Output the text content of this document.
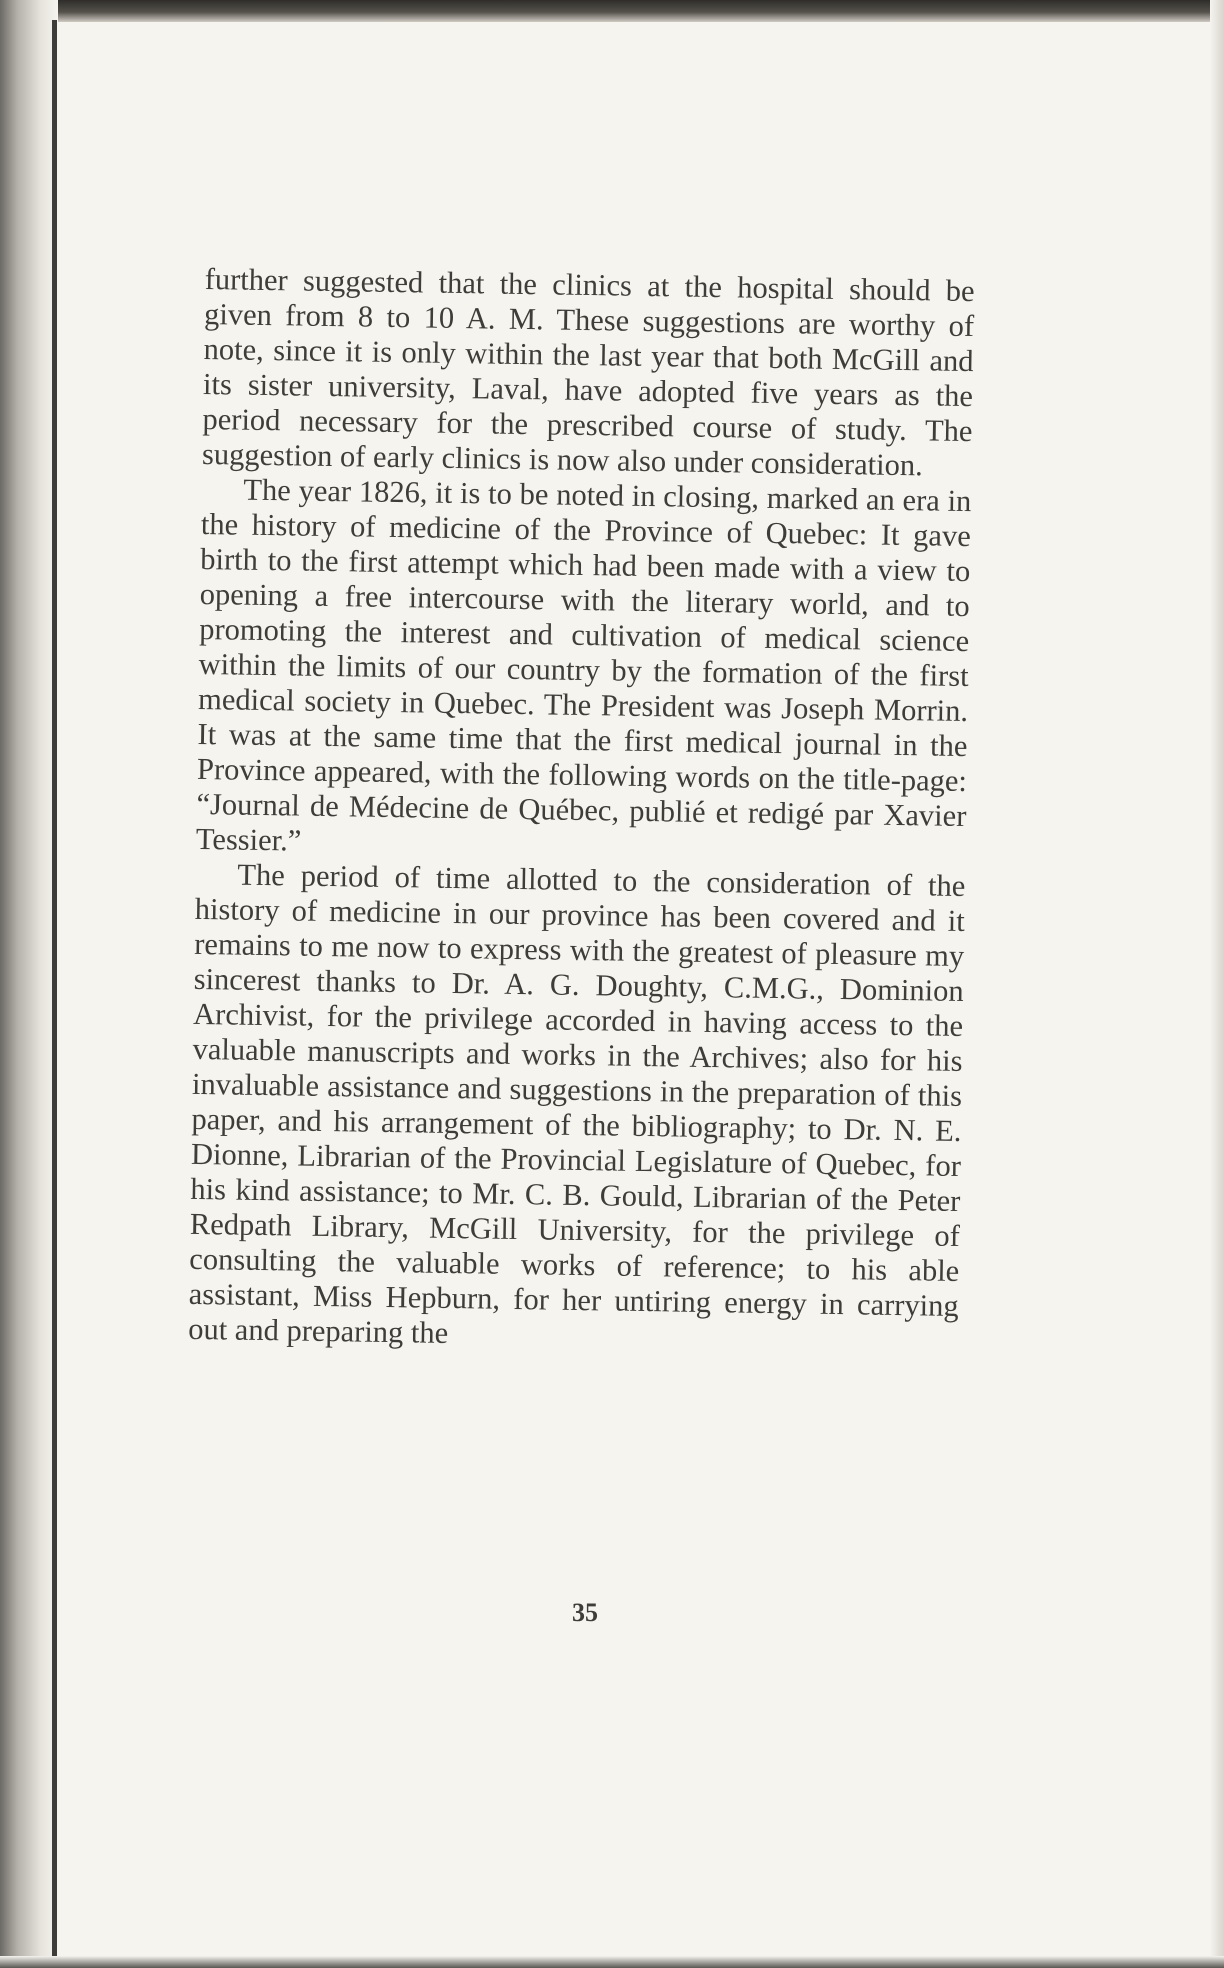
further suggested that the clinics at the hospital should be given from 8 to 10 A. M. These suggestions are worthy of note, since it is only within the last year that both McGill and its sister university, Laval, have adopted five years as the period necessary for the prescribed course of study. The suggestion of early clinics is now also under consideration.

The year 1826, it is to be noted in closing, marked an era in the history of medicine of the Province of Quebec: It gave birth to the first attempt which had been made with a view to opening a free intercourse with the literary world, and to promoting the interest and cultivation of medical science within the limits of our country by the formation of the first medical society in Quebec. The President was Joseph Morrin. It was at the same time that the first medical journal in the Province appeared, with the following words on the title-page: “Journal de Médecine de Québec, publié et redigé par Xavier Tessier.”

The period of time allotted to the consideration of the history of medicine in our province has been covered and it remains to me now to express with the greatest of pleasure my sincerest thanks to Dr. A. G. Doughty, C.M.G., Dominion Archivist, for the privilege accorded in having access to the valuable manuscripts and works in the Archives; also for his invaluable assistance and suggestions in the preparation of this paper, and his arrangement of the bibliography; to Dr. N. E. Dionne, Librarian of the Provincial Legislature of Quebec, for his kind assistance; to Mr. C. B. Gould, Librarian of the Peter Redpath Library, McGill University, for the privilege of consulting the valuable works of reference; to his able assistant, Miss Hepburn, for her untiring energy in carrying out and preparing the

35
